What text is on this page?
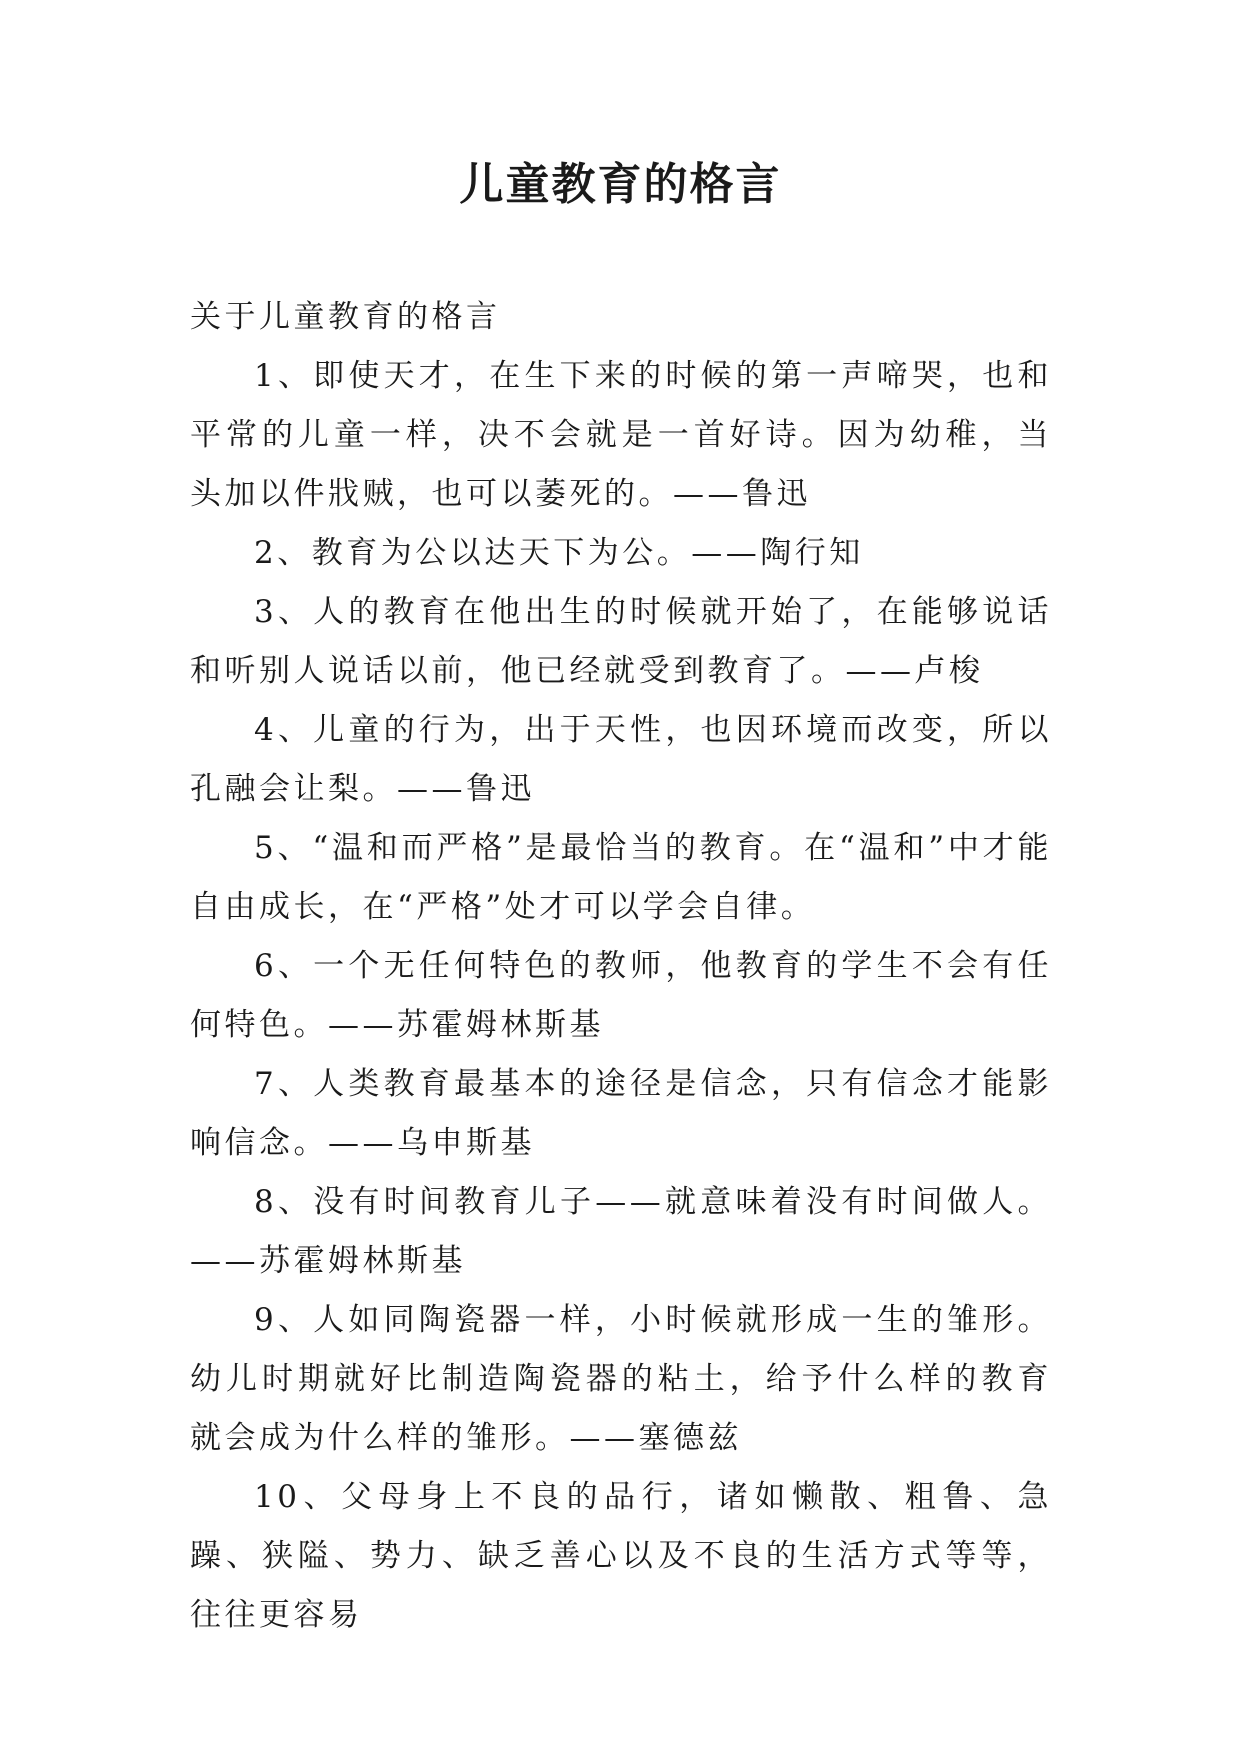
儿童教育的格言

关于儿童教育的格言

1、即使天才，在生下来的时候的第一声啼哭，也和平常的儿童一样，决不会就是一首好诗。因为幼稚，当头加以件戕贼，也可以萎死的。——鲁迅

2、教育为公以达天下为公。——陶行知

3、人的教育在他出生的时候就开始了，在能够说话和听别人说话以前，他已经就受到教育了。——卢梭

4、儿童的行为，出于天性，也因环境而改变，所以孔融会让梨。——鲁迅

5、“温和而严格”是最恰当的教育。在“温和”中才能自由成长，在“严格”处才可以学会自律。

6、一个无任何特色的教师，他教育的学生不会有任何特色。——苏霍姆林斯基

7、人类教育最基本的途径是信念，只有信念才能影响信念。——乌申斯基

8、没有时间教育儿子——就意味着没有时间做人。——苏霍姆林斯基

9、人如同陶瓷器一样，小时候就形成一生的雏形。幼儿时期就好比制造陶瓷器的粘土，给予什么样的教育就会成为什么样的雏形。——塞德兹

10、父母身上不良的品行，诸如懒散、粗鲁、急躁、狭隘、势力、缺乏善心以及不良的生活方式等等，往往更容易
